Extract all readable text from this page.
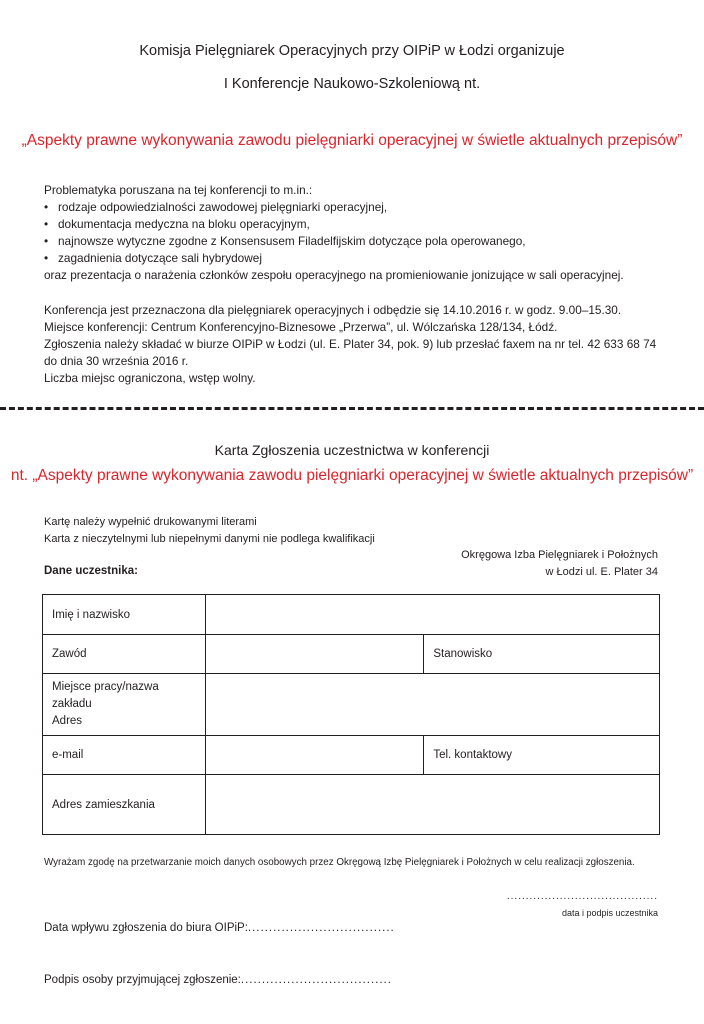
Komisja Pielęgniarek Operacyjnych przy OIPiP w Łodzi organizuje
I Konferencje Naukowo-Szkoleniową nt.
„Aspekty prawne wykonywania zawodu pielęgniarki operacyjnej w świetle aktualnych przepisów”
Problematyka poruszana na tej konferencji to m.in.:
• rodzaje odpowiedzialności zawodowej pielęgniarki operacyjnej,
• dokumentacja medyczna na bloku operacyjnym,
• najnowsze wytyczne zgodne z Konsensusem Filadelfijskim dotyczące pola operowanego,
• zagadnienia dotyczące sali hybrydowej
oraz prezentacja o narażenia członków zespołu operacyjnego na promieniowanie jonizujące w sali operacyjnej.
Konferencja jest przeznaczona dla pielęgniarek operacyjnych i odbędzie się 14.10.2016 r. w godz. 9.00–15.30.
Miejsce konferencji: Centrum Konferencyjno-Biznesowe „Przerwa”, ul. Wólczańska 128/134, Łódź.
Zgłoszenia należy składać w biurze OIPiP w Łodzi (ul. E. Plater 34, pok. 9) lub przesłać faxem na nr tel. 42 633 68 74 do dnia 30 września 2016 r.
Liczba miejsc ograniczona, wstęp wolny.
Karta Zgłoszenia uczestnictwa w konferencji
nt. „Aspekty prawne wykonywania zawodu pielęgniarki operacyjnej w świetle aktualnych przepisów”
Kartę należy wypełnić drukowanymi literami
Karta z nieczytelnymi lub niepełnymi danymi nie podlega kwalifikacji
Okręgowa Izba Pielęgniarek i Położnych
w Łodzi ul. E. Plater 34
Dane uczestnika:
Imię i nazwisko		
Zawód		Stanowisko

Miejsce pracy/nazwa zakładu
Adres		

e-mail		Tel. kontaktowy
Adres zamieszkania		
Wyrażam zgodę na przetwarzanie moich danych osobowych przez Okręgową Izbę Pielęgniarek i Położnych w celu realizacji zgłoszenia.
........................................
data i podpis uczestnika
Data wpływu zgłoszenia do biura OIPiP:...................................
Podpis osoby przyjmującej zgłoszenie:....................................
